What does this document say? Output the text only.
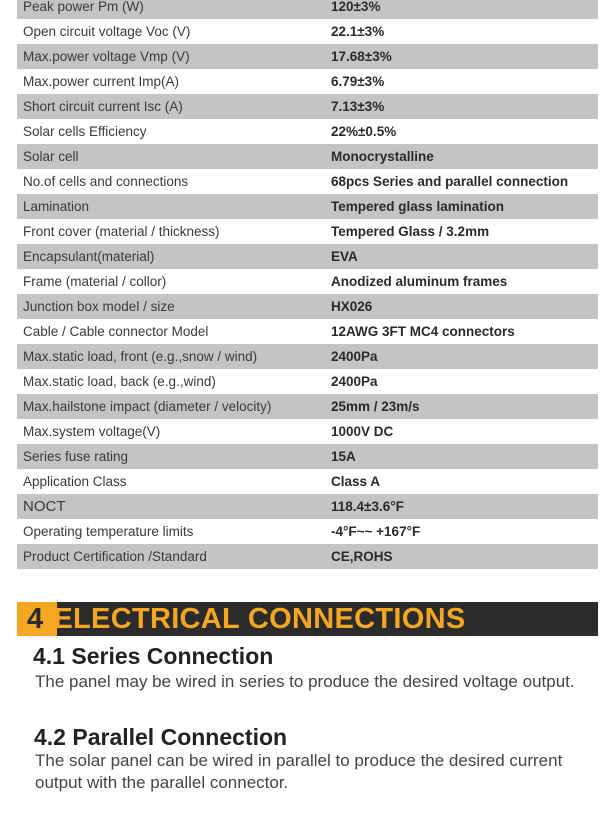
Peak power Pm (W)	120±3%
Open circuit voltage Voc (V)	22.1±3%
Max.power voltage Vmp (V)	17.68±3%
Max.power current Imp(A)	6.79±3%
Short circuit current Isc (A)	7.13±3%
Solar cells Efficiency	22%±0.5%
Solar cell	Monocrystalline
No.of cells and connections	68pcs Series and parallel connection
Lamination	Tempered glass lamination
Front cover (material / thickness)	Tempered Glass / 3.2mm
Encapsulant(material)	EVA
Frame (material / collor)	Anodized aluminum frames
Junction box model / size	HX026
Cable / Cable connector Model	12AWG 3FT MC4 connectors
Max.static load, front (e.g.,snow / wind)	2400Pa
Max.static load, back (e.g.,wind)	2400Pa
Max.hailstone impact (diameter / velocity)	25mm / 23m/s
Max.system voltage(V)	1000V DC
Series fuse rating	15A
Application Class	Class A
NOCT	118.4±3.6°F
Operating temperature limits	-4°F~~ +167°F
Product Certification /Standard	CE,ROHS
4-ELECTRICAL CONNECTIONS
4.1 Series Connection
The panel may be wired in series to produce the desired voltage output.
4.2 Parallel Connection
The solar panel can be wired in parallel to produce the desired current output with the parallel connector.
